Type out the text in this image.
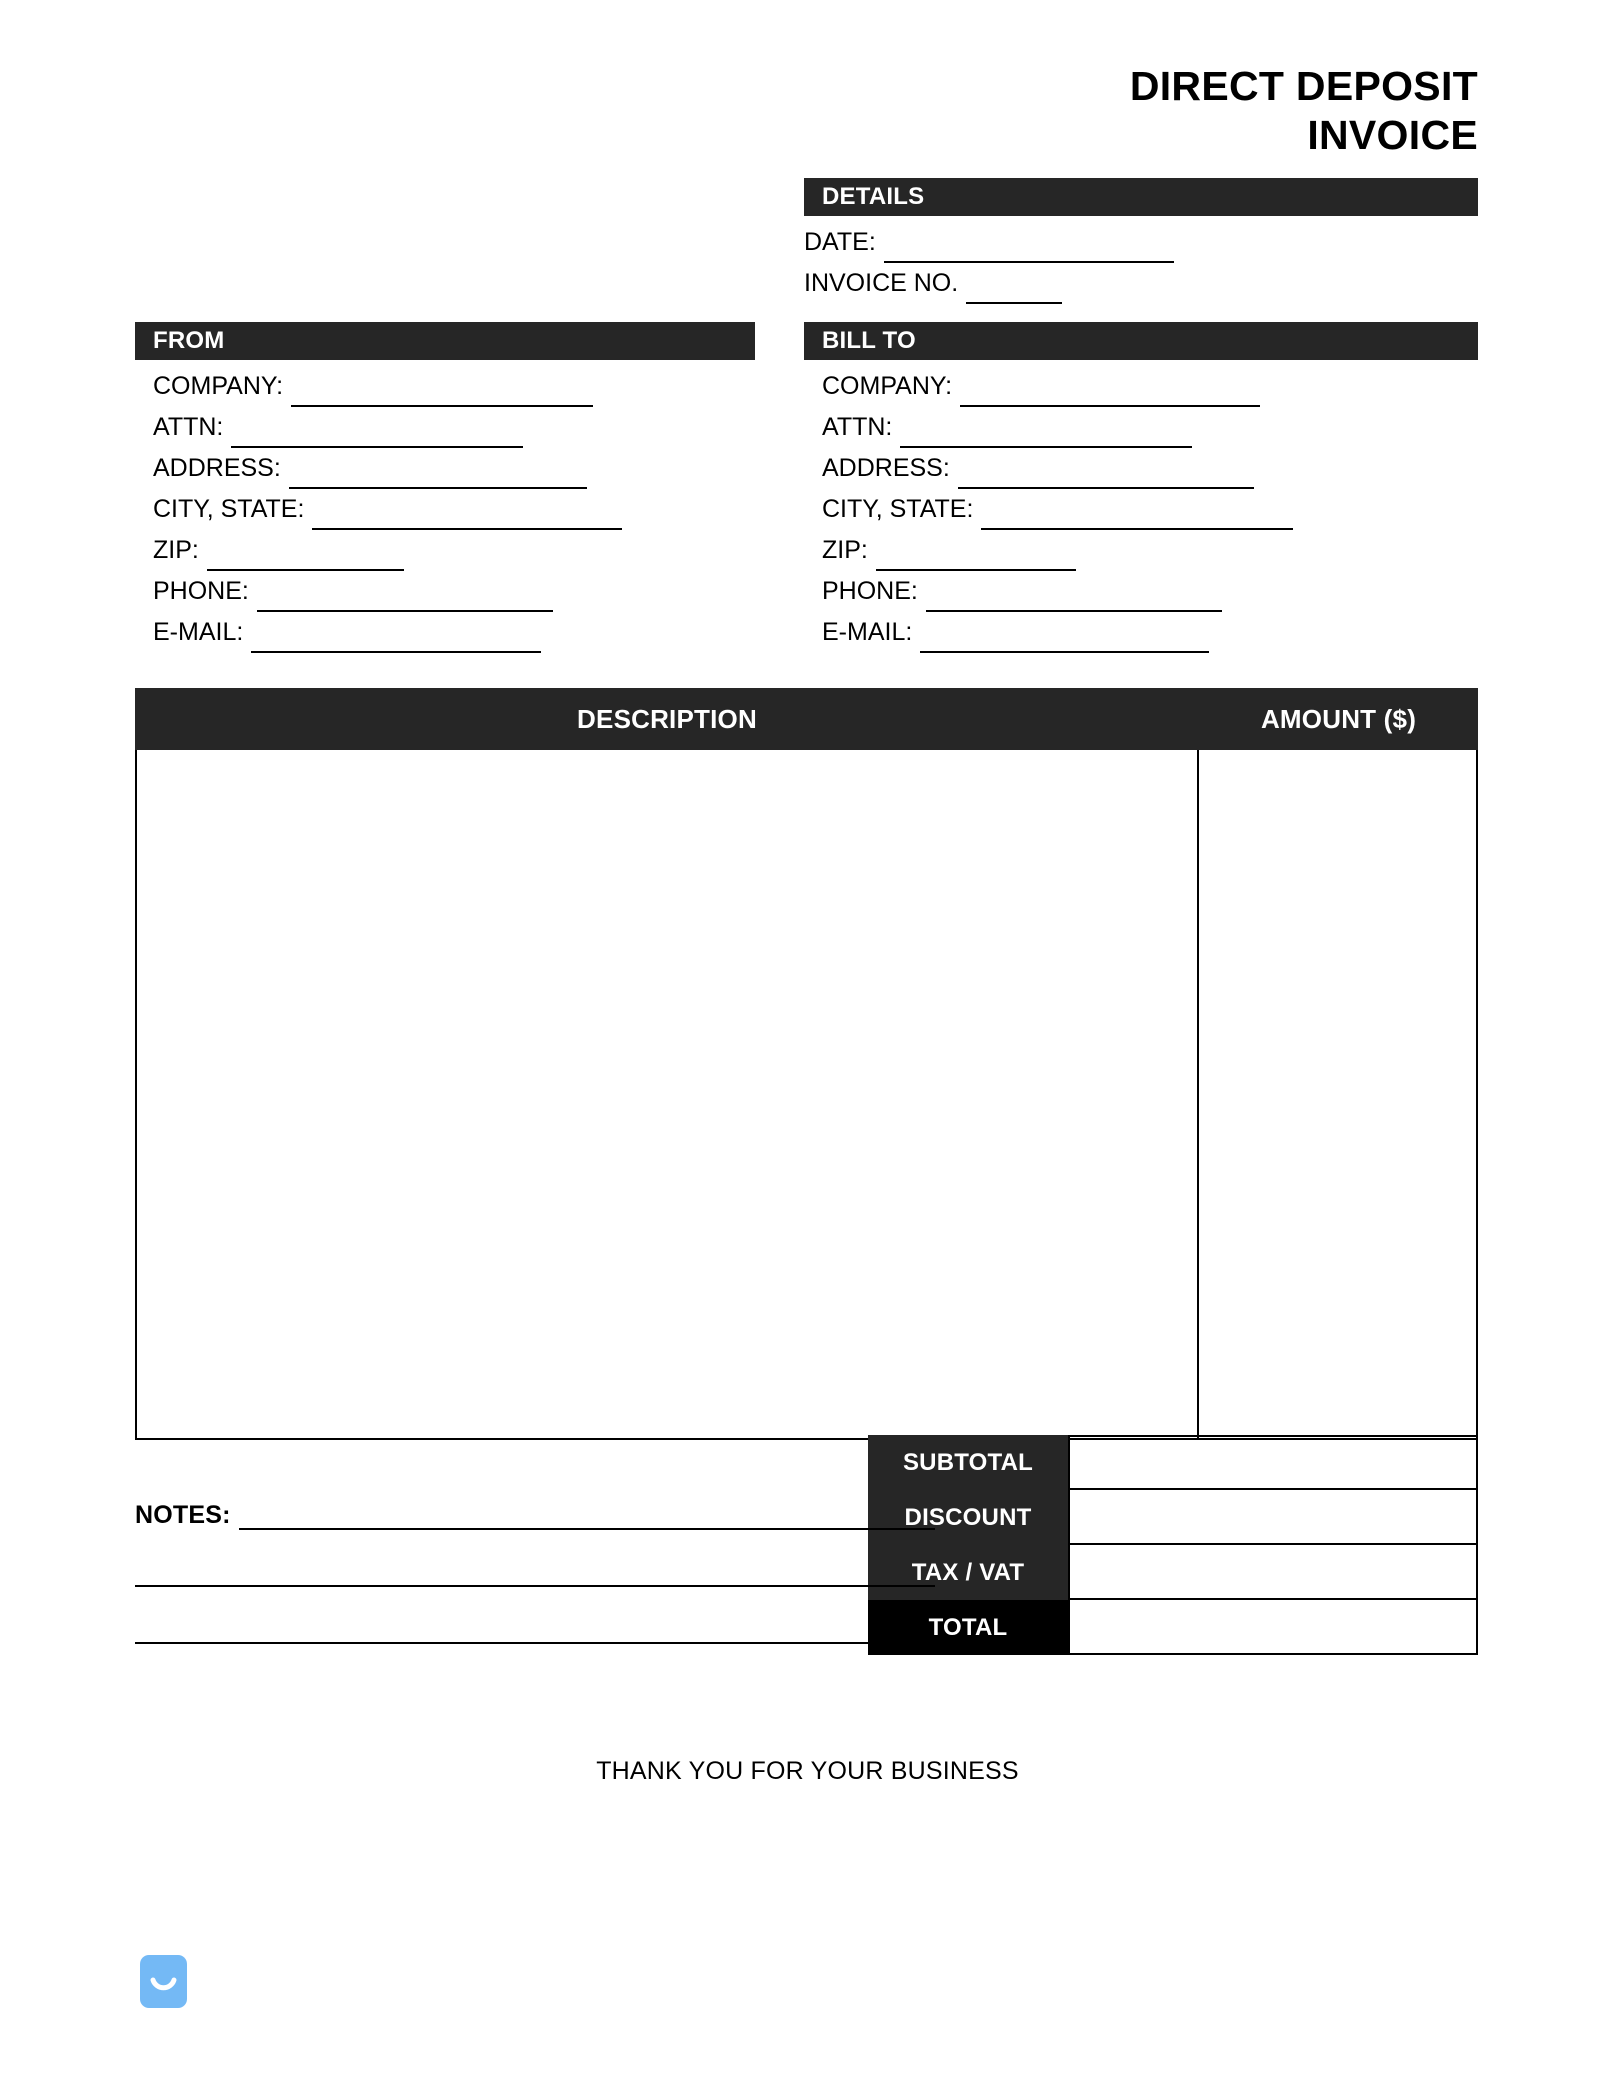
DIRECT DEPOSIT
INVOICE
DETAILS
DATE:
INVOICE NO.
FROM
COMPANY:
ATTN:
ADDRESS:
CITY, STATE:
ZIP:
PHONE:
E-MAIL:
BILL TO
COMPANY:
ATTN:
ADDRESS:
CITY, STATE:
ZIP:
PHONE:
E-MAIL:
DESCRIPTION	AMOUNT ($)
SUBTOTAL
DISCOUNT
TAX / VAT
TOTAL
NOTES:
THANK YOU FOR YOUR BUSINESS
